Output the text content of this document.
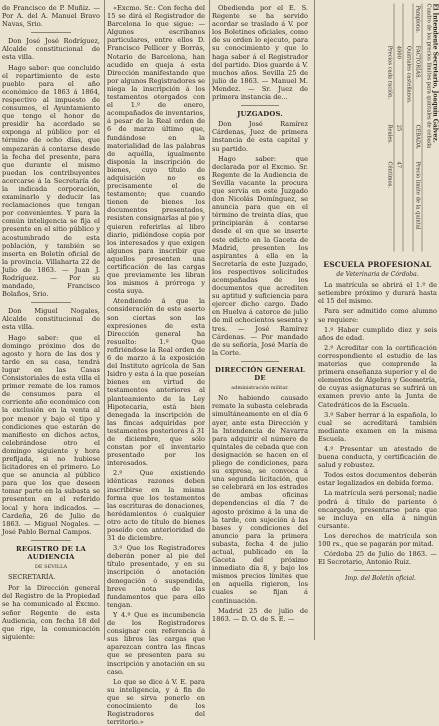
de Francisco de P. Muñiz. — Por A. del A. Manuel Bravo Navas, Srio.

Don José José Rodríguez, Alcalde constitucional de esta villa.

Hago saber: que concluido el repartimiento de este pueblo para el año económico de 1863 á 1864, respectivo al impuesto de consumos, el Ayuntamiento que tengo el honor de presidir ha acordado se exponga al público por el término de ocho días, que empezarán á contarse desde la fecha del presente, para que durante el mismo puedan los contribuyentes acercarse á la Secretaría de la indicada corporación, examinarlo y deducir las reclamaciones que tengan por convenientes. Y para la común inteligencia se fija el presente en el sitio público y acostumbrado de esta población, y también se inserta en Boletín oficial de la provincia. Villaharta 22 de Julio de 1863. — Juan J. Rodríguez. — Por su mandado, Francisco Bolaños, Srio.

Don Miguel Nogales, Alcalde constitucional de esta villa.

Hago saber: que el domingo próximo dos de agosto y hora de las dos y tarde en su casa, tendrá lugar en las Casas Consistoriales de esta villa el primer remate de los ramos de consumos para el corriente año económico con la exclusión en la venta al por menor y bajo el tipo y condiciones que estarán de manifiesto en dichos actos, celebrándose otro el domingo siguiente y hora prefijada, si no hubiese licitadores en el primero. Lo que se anuncia al público para que los que deseen tomar parte en la subasta se presenten en el referido local y hora indicados. — Cardeña, 26 de Julio de 1863. — Miguel Nogales. — José Pablo Bernal Campos.

REGISTRO DE LA AUDIENCIA
DE SEVILLA
SECRETARÍA.

Por la Dirección general del Registro de la Propiedad se ha comunicado al Excmo. señor Regente de esta Audiencia, con fecha 18 del que rige, la comunicación siguiente:

«Excmo. Sr.: Con fecha del 15 se dirá el Registrador de Barcelona lo que sigue: — Algunos escribanos particulares, entre ellos D. Francisco Pellicer y Borrás, Notario de Barcelona, han acudido en queja á esta Dirección manifestando que por algunos Registradores se niega la inscripción á los testamentos otorgados con el 1.º de enero, acompañados de inventarios, á pesar de la Real orden de 6 de marzo último que, fundándose en la materialidad de las palabras de aquélla, igualmente disponía la inscripción de bienes, cuyo título de adquisición no es precisamente el de testamento; que cuando tienen de bienes los documentos presentados, resisten consignarlas al pie y quieren referirlas al libro diario, pidiéndose copia por los interesados y que exigen algunos para inscribir que aquellos presenten una certificación de las cargas que previamente les libran los mismos á prórroga y costa suya.

Atendiendo á que la consideración de este aserto son ciertas son las expresiones de esta Dirección general ha resuelto: 1.º Que refiriéndose la Real orden de 6 de marzo á la exposición del Instituto agrícola de San Isidro y esta á la que poseían bienes en virtud de testamentos anteriores al planteamiento de la Ley Hipotecaria, está bien denegada la inscripción de las fincas adquiridas por testamentos posteriores á 31 de diciembre, que sólo constan por el inventario presentado por los interesados.

2.º Que existiendo idénticas razones deben inscribirse en la misma forma que los testamentos las escrituras de donaciones, herédamientos ó cualquier otro acto de título de bienes poseído con anterioridad de 31 de diciembre.

3.º Que los Registradores deberán poner al pie del título presentado, y en su inscripción ó anotación denegación ó suspendida, breve nota de las fundamentos que para ello tengan.

Y 4.º Que es incumbencia de los Registradores consignar con referencia á sus libros las cargas que aparezcan contra las fincas que se presenten para su inscripción y anotación en su caso.

Lo que se dice á V. E. para su inteligencia, y á fin de que se sirva ponerlo en conocimiento de los Registradores del territorio.»

Obedienda por el E. S. Regente se ha servido acordar se traslado á V. por los Boletines oficiales, como de su orden lo ejecuto, para su conocimiento y que lo haga saber á el Registrador del partido. Dios guarde á V. muchos años. Sevilla 25 de julio de 1863. — Manuel M. Mendez. — Sr. Juez de primera instancia de...

JUZGADOS.

Don José Ramírez Cárdenas, Juez de primera instancia de esta capital y su partido.

Hago saber: que declarada por el Excmo. Sr. Regente de la Audiencia de Sevilla vacante la procura que servía en este Juzgado don Nicolás Domínguez, se anuncia para que en el término de treinta días, que principiarán á contarse desde el en que se inserte este edicto en la Gaceta de Madrid, presenten los aspirantes á ella en la Secretaría de este Juzgado, los respectivos solicitudes acompañadas de los documentos que acrediten su aptitud y suficiencia para ejercer dicho cargo. Dado en Huelva á catorce de julio de mil ochocientos sesenta y tres. — José Ramírez Cárdenas. — Por mandado de su señoría, José María de la Corte.

DIRECCIÓN GENERAL DE
administración militar.

No habiendo causado remate la subasta celebrada simultáneamente en el día 6 ayer, ante esta Dirección y la Intendencia de Navarra para adquirir el número de quintales de cebada que con designación se hacen en el pliego de condiciones, para su expresa, se convoca á una segunda licitación, que se celebrará en los estrados de ambas oficinas dependencias el día 7 de agosto próximo á la una de la tarde, con sujeción á las bases y condiciones del anuncio para la primera subasta, fecha 4 de julio actual, publicado en la Gaceta del próximo inmediato día 8, y bajo los mismos precios límites que en aquella rigieron, los cuales se fijan á continuación.

Madrid 25 de julio de 1863. — D. O. de S. E. —

El Intendente Secretario, Joaquín Gálvez.
Cuadro de los precios límites para quintales de cebada
Pamplona.	FACTORÍAS.	CEBADA.	Precio limite de la quintal
	Quintales castellanos.		
	4000	25	47
	Precios cada ración.	Reales.	Céntimos.
ESCUELA PROFESIONAL
de Veterinaria de Córdoba.

La matrícula se abrirá el 1.º de setiembre próximo y durará hasta el 15 del mismo.

Para ser admitido como alumno se requiere:

1.º Haber cumplido diez y seis años de edad.

2.º Acreditar con la certificación correspondiente el estudio de las materias que comprende la primera enseñanza superior y el de elementos de Álgebra y Geometría, de cuyas asignaturas se sufrirá un examen previo ante la Junta de Catedráticos de la Escuela.

3.º Saber herrar á la española, lo cual se acreditará también mediante examen en la misma Escuela.

4.º Presentar un atestado de buena conducta, y certificación de salud y robustez.

Todos estos documentos deberán estar legalizados en debida forma.

La matrícula será personal; nadie podrá á título de pariente ó encargado, presentarse para que se incluya en ella á ningún cursante.

Los derechos de matrícula son 100 rs., que se pagarán por mitad.

Córdoba 25 de Julio de 1863. — El Secretario, Antonio Ruiz.

Imp. del Boletín oficial.
